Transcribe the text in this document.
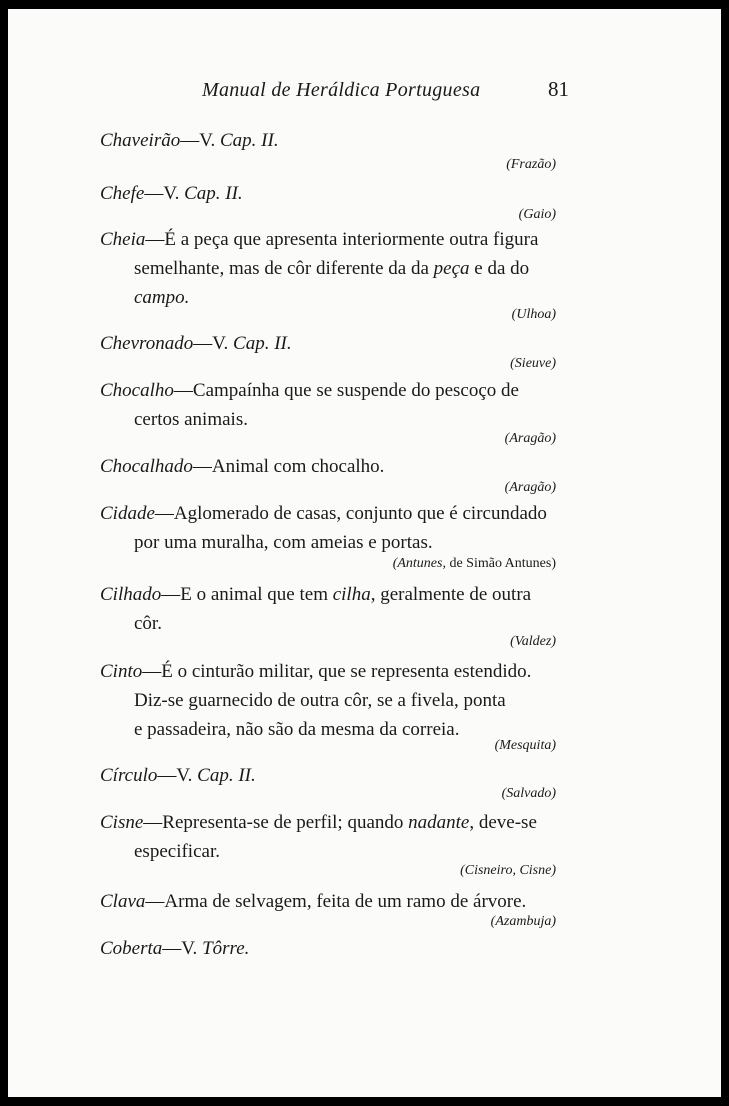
Manual de Heráldica Portuguesa	81
Chaveirão—V. Cap. II.
(Frazão)
Chefe—V. Cap. II.
(Gaio)
Cheia—É a peça que apresenta interiormente outra figura
semelhante, mas de côr diferente da da peça e da do
campo.
(Ulhoa)
Chevronado—V. Cap. II.
(Sieuve)
Chocalho—Campaínha que se suspende do pescoço de
certos animais.
(Aragão)
Chocalhado—Animal com chocalho.
(Aragão)
Cidade—Aglomerado de casas, conjunto que é circundado
por uma muralha, com ameias e portas.
(Antunes, de Simão Antunes)
Cilhado—E o animal que tem cilha, geralmente de outra
côr.
(Valdez)
Cinto—É o cinturão militar, que se representa estendido.
Diz-se guarnecido de outra côr, se a fivela, ponta
e passadeira, não são da mesma da correia.
(Mesquita)
Círculo—V. Cap. II.
(Salvado)
Cisne—Representa-se de perfil; quando nadante, deve-se
especificar.
(Cisneiro, Cisne)
Clava—Arma de selvagem, feita de um ramo de árvore.
(Azambuja)
Coberta—V. Tôrre.
